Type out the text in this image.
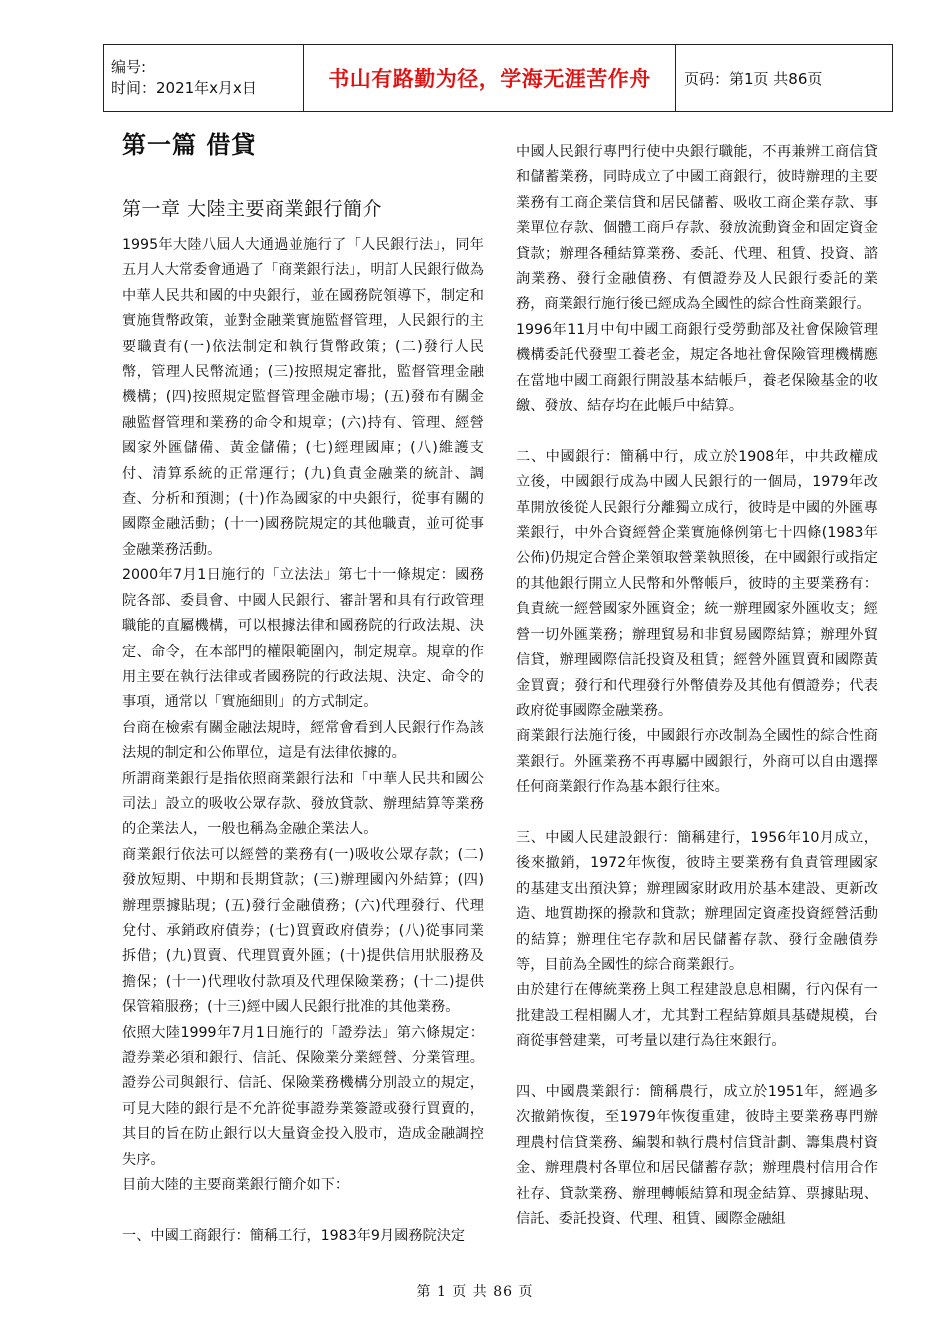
编号:
时间：2021年x月x日	书山有路勤为径，学海无涯苦作舟	页码：第1页 共86页
第一篇 借貸
第一章 大陸主要商業銀行簡介

1995年大陸八屆人大通過並施行了「人民銀行法」，同年五月人大常委會通過了「商業銀行法」，明訂人民銀行做為中華人民共和國的中央銀行，並在國務院領導下，制定和實施貨幣政策，並對金融業實施監督管理，人民銀行的主要職責有(一)依法制定和執行貨幣政策；(二)發行人民幣，管理人民幣流通；(三)按照規定審批，監督管理金融機構；(四)按照規定監督管理金融市場；(五)發布有關金融監督管理和業務的命令和規章；(六)持有、管理、經營國家外匯儲備、黃金儲備；(七)經理國庫；(八)維護支付、清算系統的正常運行；(九)負責金融業的統計、調查、分析和預測；(十)作為國家的中央銀行，從事有關的國際金融活動；(十一)國務院規定的其他職責，並可從事金融業務活動。

2000年7月1日施行的「立法法」第七十一條規定：國務院各部、委員會、中國人民銀行、審計署和具有行政管理職能的直屬機構，可以根據法律和國務院的行政法規、決定、命令，在本部門的權限範圍內，制定規章。規章的作用主要在執行法律或者國務院的行政法規、決定、命令的事項，通常以「實施細則」的方式制定。

台商在檢索有關金融法規時，經常會看到人民銀行作為該法規的制定和公佈單位，這是有法律依據的。

所謂商業銀行是指依照商業銀行法和「中華人民共和國公司法」設立的吸收公眾存款、發放貸款、辦理結算等業務的企業法人，一般也稱為金融企業法人。

商業銀行依法可以經營的業務有(一)吸收公眾存款；(二)發放短期、中期和長期貸款；(三)辦理國內外結算；(四)辦理票據貼現；(五)發行金融債務；(六)代理發行、代理兌付、承銷政府債券；(七)買賣政府債券；(八)從事同業拆借；(九)買賣、代理買賣外匯；(十)提供信用狀服務及擔保；(十一)代理收付款項及代理保險業務；(十二)提供保管箱服務；(十三)經中國人民銀行批准的其他業務。

依照大陸1999年7月1日施行的「證券法」第六條規定：證券業必須和銀行、信託、保險業分業經營、分業管理。證券公司與銀行、信託、保險業務機構分別設立的規定，可見大陸的銀行是不允許從事證券業簽證或發行買賣的，其目的旨在防止銀行以大量資金投入股市，造成金融調控失序。

目前大陸的主要商業銀行簡介如下：

一、中國工商銀行：簡稱工行，1983年9月國務院決定

中國人民銀行專門行使中央銀行職能，不再兼辨工商信貸和儲蓄業務，同時成立了中國工商銀行，彼時辦理的主要業務有工商企業信貸和居民儲蓄、吸收工商企業存款、事業單位存款、個體工商戶存款、發放流動資金和固定資金貸款；辦理各種結算業務、委託、代理、租賃、投資、諮詢業務、發行金融債務、有價證券及人民銀行委託的業務，商業銀行施行後已經成為全國性的綜合性商業銀行。

1996年11月中旬中國工商銀行受勞動部及社會保險管理機構委託代發聖工養老金，規定各地社會保險管理機構應在當地中國工商銀行開設基本結帳戶，養老保險基金的收繳、發放、結存均在此帳戶中結算。

二、中國銀行：簡稱中行，成立於1908年，中共政權成立後，中國銀行成為中國人民銀行的一個局，1979年改革開放後從人民銀行分離獨立成行，彼時是中國的外匯專業銀行，中外合資經營企業實施條例第七十四條(1983年公佈)仍規定合營企業領取營業執照後，在中國銀行或指定的其他銀行開立人民幣和外幣帳戶，彼時的主要業務有：負責統一經營國家外匯資金；統一辦理國家外匯收支；經營一切外匯業務；辦理貿易和非貿易國際結算；辦理外貿信貸，辦理國際信託投資及租賃；經營外匯買賣和國際黃金買賣；發行和代理發行外幣債券及其他有價證券；代表政府從事國際金融業務。

商業銀行法施行後，中國銀行亦改制為全國性的綜合性商業銀行。外匯業務不再專屬中國銀行，外商可以自由選擇任何商業銀行作為基本銀行往來。

三、中國人民建設銀行：簡稱建行，1956年10月成立，後來撤銷，1972年恢復，彼時主要業務有負責管理國家的基建支出預決算；辦理國家財政用於基本建設、更新改造、地質勘探的撥款和貸款；辦理固定資產投資經營活動的結算；辦理住宅存款和居民儲蓄存款、發行金融債券等，目前為全國性的綜合商業銀行。

由於建行在傳統業務上與工程建設息息相關，行內保有一批建設工程相關人才，尤其對工程結算頗具基礎規模，台商從事營建業，可考量以建行為往來銀行。

四、中國農業銀行：簡稱農行，成立於1951年，經過多次撤銷恢復，至1979年恢復重建，彼時主要業務專門辦理農村信貸業務、編製和執行農村信貸計劃、籌集農村資金、辦理農村各單位和居民儲蓄存款；辦理農村信用合作社存、貸款業務、辦理轉帳結算和現金結算、票據貼現、信託、委託投資、代理、租賃、國際金融組

第 1 页 共 86 页
